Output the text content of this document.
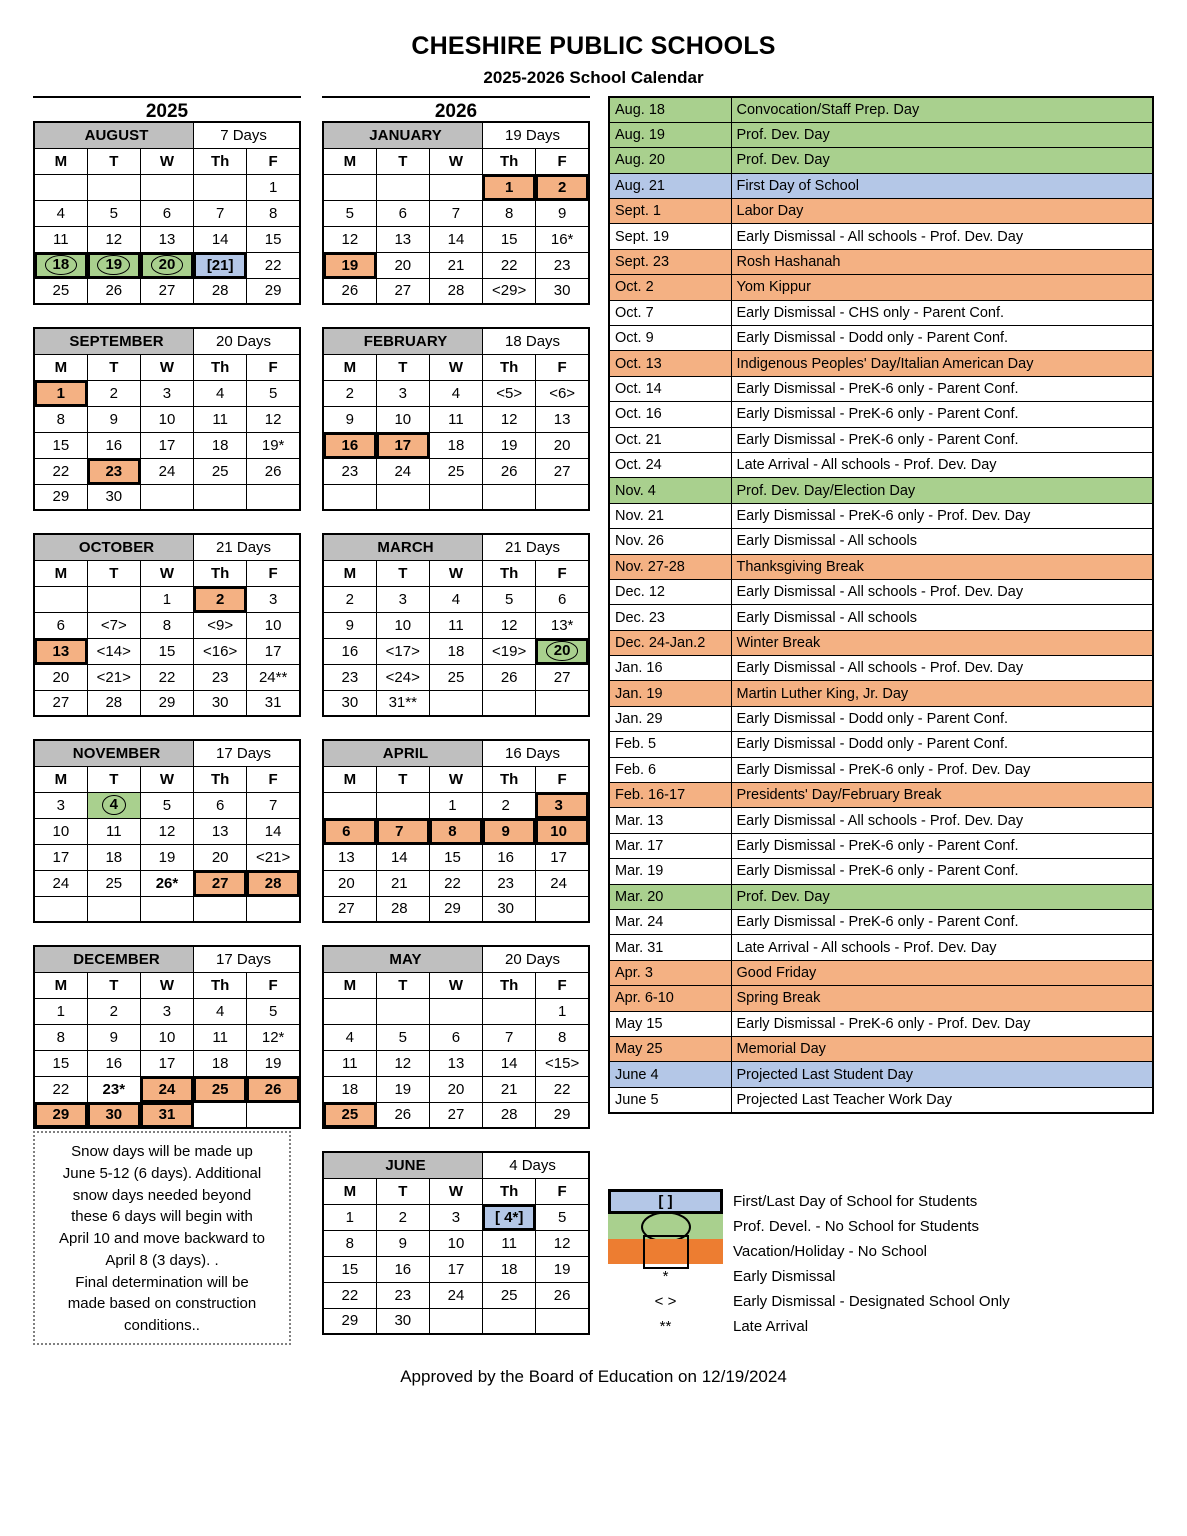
CHESHIRE PUBLIC SCHOOLS
2025-2026 School Calendar
2025
AUGUST			7 Days	
M	T	W	Th	F
				1
4	5	6	7	8
11	12	13	14	15
18	19	20	[21]	22
25	26	27	28	29
SEPTEMBER			20 Days	
M	T	W	Th	F
1	2	3	4	5
8	9	10	11	12
15	16	17	18	19*
22	23	24	25	26
29	30			
OCTOBER			21 Days	
M	T	W	Th	F
		1	2	3
6	<7>	8	<9>	10
13	<14>	15	<16>	17
20	<21>	22	23	24**
27	28	29	30	31
NOVEMBER			17 Days	
M	T	W	Th	F
3	4	5	6	7
10	11	12	13	14
17	18	19	20	<21>
24	25	26*	27	28

DECEMBER			17 Days	
M	T	W	Th	F
1	2	3	4	5
8	9	10	11	12*
15	16	17	18	19
22	23*	24	25	26
29	30	31		
2026
JANUARY			19 Days	
M	T	W	Th	F
			1	2
5	6	7	8	9
12	13	14	15	16*
19	20	21	22	23
26	27	28	<29>	30
FEBRUARY			18 Days	
M	T	W	Th	F
2	3	4	<5>	<6>
9	10	11	12	13
16	17	18	19	20
23	24	25	26	27

MARCH			21 Days	
M	T	W	Th	F
2	3	4	5	6
9	10	11	12	13*
16	<17>	18	<19>	20
23	<24>	25	26	27
30	31**			
APRIL			16 Days	
M	T	W	Th	F
		1	2	3
6	7	8	9	10
13	14	15	16	17
20	21	22	23	24
27	28	29	30	
MAY			20 Days	
M	T	W	Th	F
				1
4	5	6	7	8
11	12	13	14	<15>
18	19	20	21	22
25	26	27	28	29
JUNE			4 Days	
M	T	W	Th	F
1	2	3	[ 4*]	5
8	9	10	11	12
15	16	17	18	19
22	23	24	25	26
29	30			
Aug. 18	Convocation/Staff Prep. Day
Aug. 19	Prof. Dev. Day
Aug. 20	Prof. Dev. Day
Aug. 21	First Day of School
Sept. 1	Labor Day
Sept. 19	Early Dismissal - All schools - Prof. Dev. Day
Sept. 23	Rosh Hashanah
Oct. 2	Yom Kippur
Oct. 7	Early Dismissal - CHS only - Parent Conf.
Oct. 9	Early Dismissal - Dodd only - Parent Conf.
Oct. 13	Indigenous Peoples' Day/Italian American Day
Oct. 14	Early Dismissal - PreK-6 only - Parent Conf.
Oct. 16	Early Dismissal - PreK-6 only - Parent Conf.
Oct. 21	Early Dismissal - PreK-6 only - Parent Conf.
Oct. 24	Late Arrival - All schools - Prof. Dev. Day
Nov. 4	Prof. Dev. Day/Election Day
Nov. 21	Early Dismissal - PreK-6 only - Prof. Dev. Day
Nov. 26	Early Dismissal - All schools
Nov. 27-28	Thanksgiving Break
Dec. 12	Early Dismissal - All schools - Prof. Dev. Day
Dec. 23	Early Dismissal - All schools
Dec. 24-Jan.2	Winter Break
Jan. 16	Early Dismissal - All schools - Prof. Dev. Day
Jan. 19	Martin Luther King, Jr. Day
Jan. 29	Early Dismissal - Dodd only - Parent Conf.
Feb. 5	Early Dismissal - Dodd only - Parent Conf.
Feb. 6	Early Dismissal - PreK-6 only - Prof. Dev. Day
Feb. 16-17	Presidents' Day/February Break
Mar. 13	Early Dismissal - All schools - Prof. Dev. Day
Mar. 17	Early Dismissal - PreK-6 only - Parent Conf.
Mar. 19	Early Dismissal - PreK-6 only - Parent Conf.
Mar. 20	Prof. Dev. Day
Mar. 24	Early Dismissal - PreK-6 only - Parent Conf.
Mar. 31	Late Arrival - All schools - Prof. Dev. Day
Apr. 3	Good Friday
Apr. 6-10	Spring Break
May 15	Early Dismissal - PreK-6 only - Prof. Dev. Day
May 25	Memorial Day
June 4	Projected Last Student Day
June 5	Projected Last Teacher Work Day
Snow days will be made up
June 5-12 (6 days). Additional
snow days needed beyond
these 6 days will begin with
April 10 and move backward to
April 8 (3 days). .
Final determination will be
made based on construction
conditions..
[ ]	First/Last Day of School for Students
Prof. Devel. - No School for Students
Vacation/Holiday - No School
*	Early Dismissal
< >	Early Dismissal - Designated School Only
**	Late Arrival
Approved by the Board of Education on 12/19/2024
